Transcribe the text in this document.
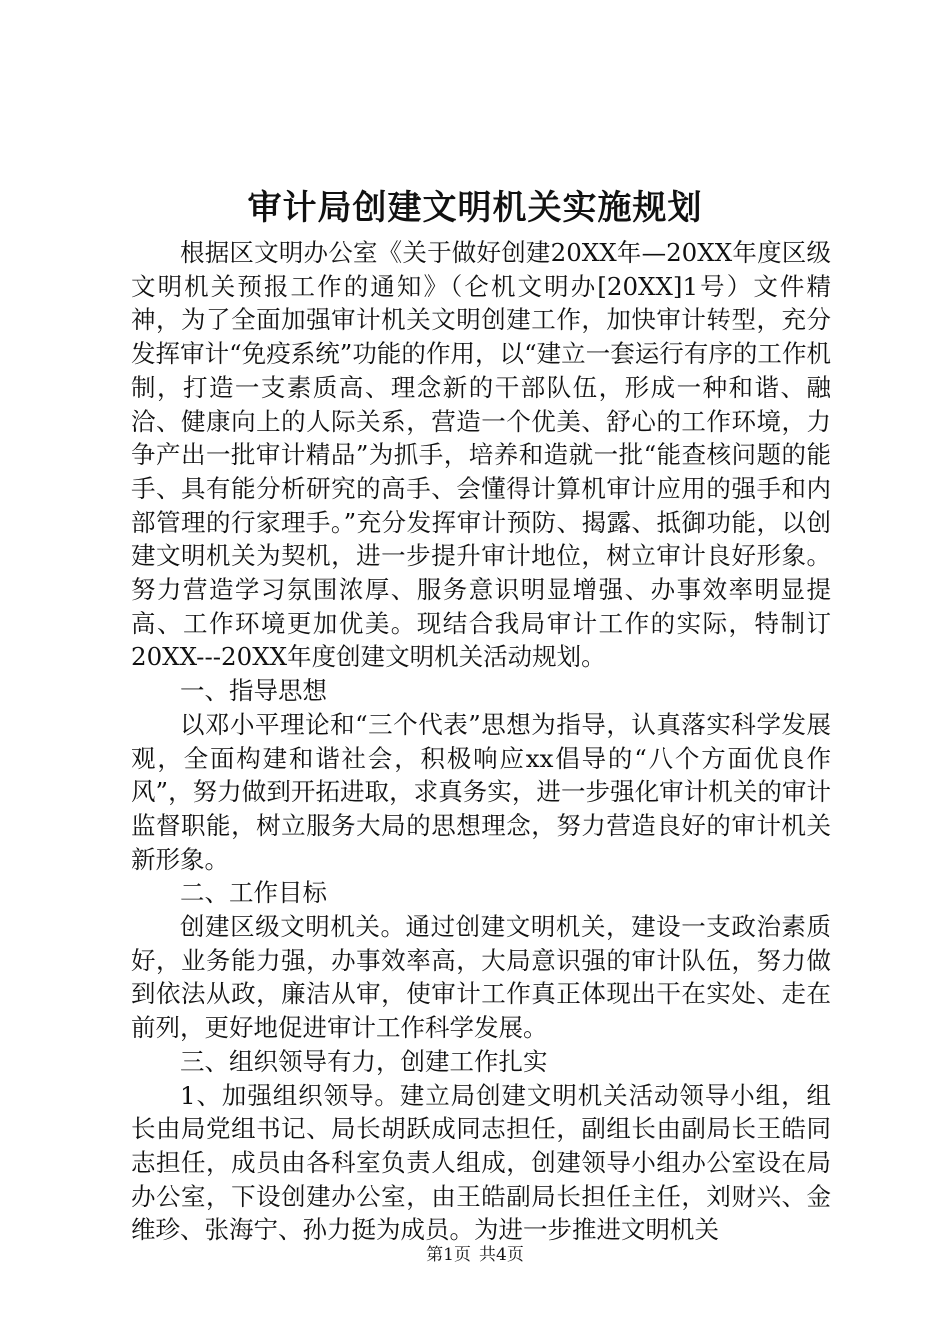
审计局创建文明机关实施规划

根据区文明办公室《关于做好创建20XX年—20XX年度区级文明机关预报工作的通知》（仑机文明办[20XX]1号）文件精神，为了全面加强审计机关文明创建工作，加快审计转型，充分发挥审计“免疫系统”功能的作用，以“建立一套运行有序的工作机制，打造一支素质高、理念新的干部队伍，形成一种和谐、融洽、健康向上的人际关系，营造一个优美、舒心的工作环境，力争产出一批审计精品”为抓手，培养和造就一批“能查核问题的能手、具有能分析研究的高手、会懂得计算机审计应用的强手和内部管理的行家理手。”充分发挥审计预防、揭露、抵御功能，以创建文明机关为契机，进一步提升审计地位，树立审计良好形象。努力营造学习氛围浓厚、服务意识明显增强、办事效率明显提高、工作环境更加优美。现结合我局审计工作的实际，特制订20XX---20XX年度创建文明机关活动规划。

一、指导思想

以邓小平理论和“三个代表”思想为指导，认真落实科学发展观，全面构建和谐社会，积极响应xx倡导的“八个方面优良作风”，努力做到开拓进取，求真务实，进一步强化审计机关的审计监督职能，树立服务大局的思想理念，努力营造良好的审计机关新形象。

二、工作目标

创建区级文明机关。通过创建文明机关，建设一支政治素质好，业务能力强，办事效率高，大局意识强的审计队伍，努力做到依法从政，廉洁从审，使审计工作真正体现出干在实处、走在前列，更好地促进审计工作科学发展。

三、组织领导有力，创建工作扎实

1、加强组织领导。建立局创建文明机关活动领导小组，组长由局党组书记、局长胡跃成同志担任，副组长由副局长王皓同志担任，成员由各科室负责人组成，创建领导小组办公室设在局办公室，下设创建办公室，由王皓副局长担任主任，刘财兴、金维珍、张海宁、孙力挺为成员。为进一步推进文明机关

第1页 共4页
